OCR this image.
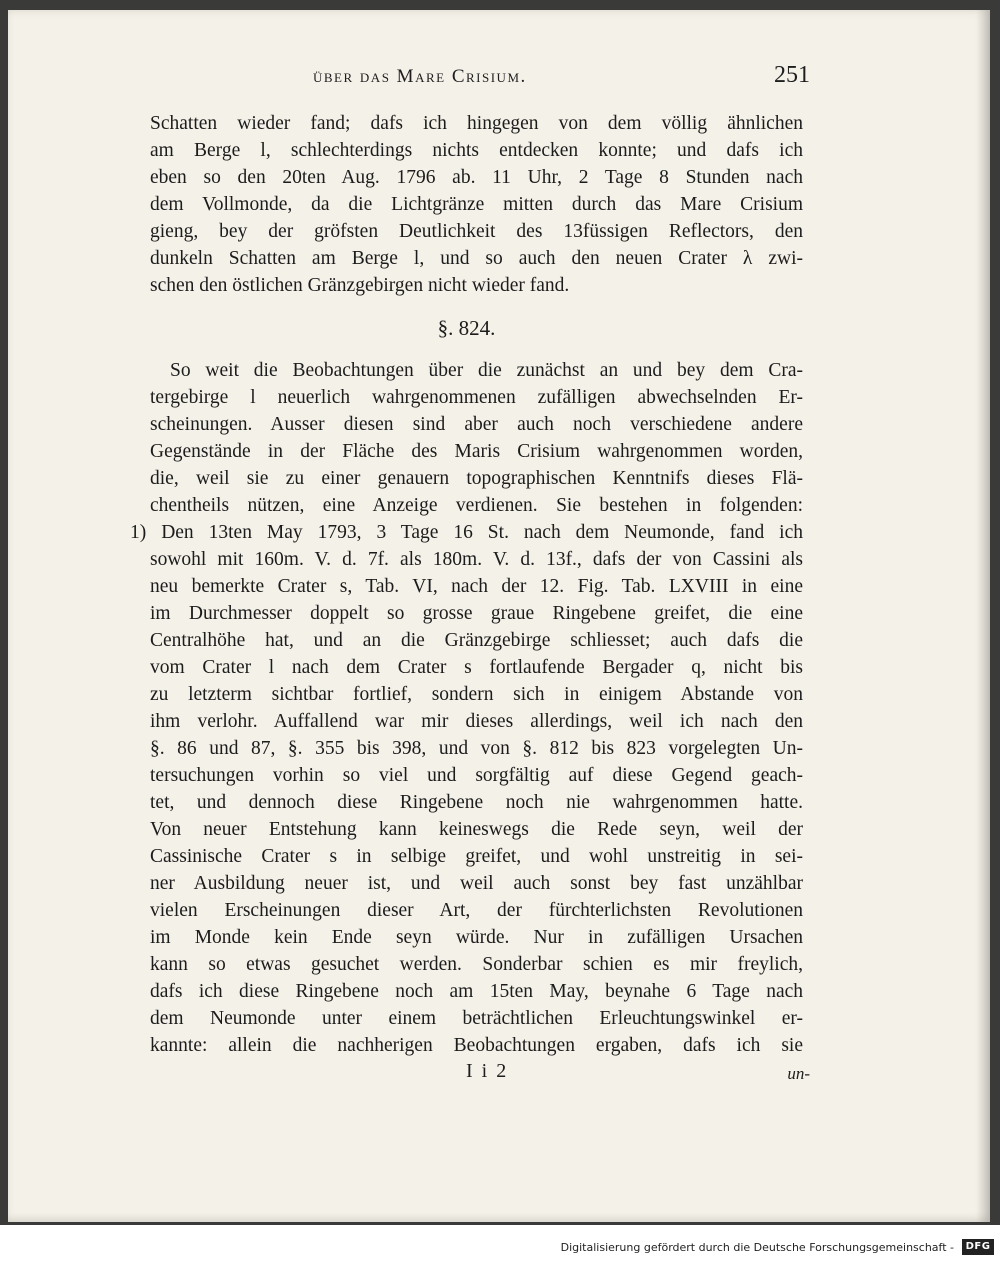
über das Mare Crisium.	251
Schatten wieder fand; dafs ich hingegen von dem völlig ähnlichen
am Berge l, schlechterdings nichts entdecken konnte; und dafs ich
eben so den 20ten Aug. 1796 ab. 11 Uhr, 2 Tage 8 Stunden nach
dem Vollmonde, da die Lichtgränze mitten durch das Mare Crisium
gieng, bey der gröfsten Deutlichkeit des 13füssigen Reflectors, den
dunkeln Schatten am Berge l, und so auch den neuen Crater λ zwi-
schen den östlichen Gränzgebirgen nicht wieder fand.
§. 824.
So weit die Beobachtungen über die zunächst an und bey dem Cra-
tergebirge l neuerlich wahrgenommenen zufälligen abwechselnden Er-
scheinungen. Ausser diesen sind aber auch noch verschiedene andere
Gegenstände in der Fläche des Maris Crisium wahrgenommen worden,
die, weil sie zu einer genauern topographischen Kenntnifs dieses Flä-
chentheils nützen, eine Anzeige verdienen. Sie bestehen in folgenden:
1) Den 13ten May 1793, 3 Tage 16 St. nach dem Neumonde, fand ich
sowohl mit 160m. V. d. 7f. als 180m. V. d. 13f., dafs der von Cassini als
neu bemerkte Crater s, Tab. VI, nach der 12. Fig. Tab. LXVIII in eine
im Durchmesser doppelt so grosse graue Ringebene greifet, die eine
Centralhöhe hat, und an die Gränzgebirge schliesset; auch dafs die
vom Crater l nach dem Crater s fortlaufende Bergader q, nicht bis
zu letzterm sichtbar fortlief, sondern sich in einigem Abstande von
ihm verlohr. Auffallend war mir dieses allerdings, weil ich nach den
§. 86 und 87, §. 355 bis 398, und von §. 812 bis 823 vorgelegten Un-
tersuchungen vorhin so viel und sorgfältig auf diese Gegend geach-
tet, und dennoch diese Ringebene noch nie wahrgenommen hatte.
Von neuer Entstehung kann keineswegs die Rede seyn, weil der
Cassinische Crater s in selbige greifet, und wohl unstreitig in sei-
ner Ausbildung neuer ist, und weil auch sonst bey fast unzählbar
vielen Erscheinungen dieser Art, der fürchterlichsten Revolutionen
im Monde kein Ende seyn würde. Nur in zufälligen Ursachen
kann so etwas gesuchet werden. Sonderbar schien es mir freylich,
dafs ich diese Ringebene noch am 15ten May, beynahe 6 Tage nach
dem Neumonde unter einem beträchtlichen Erleuchtungswinkel er-
kannte: allein die nachherigen Beobachtungen ergaben, dafs ich sie
I i 2	un-
Digitalisierung gefördert durch die Deutsche Forschungsgemeinschaft -	DFG
